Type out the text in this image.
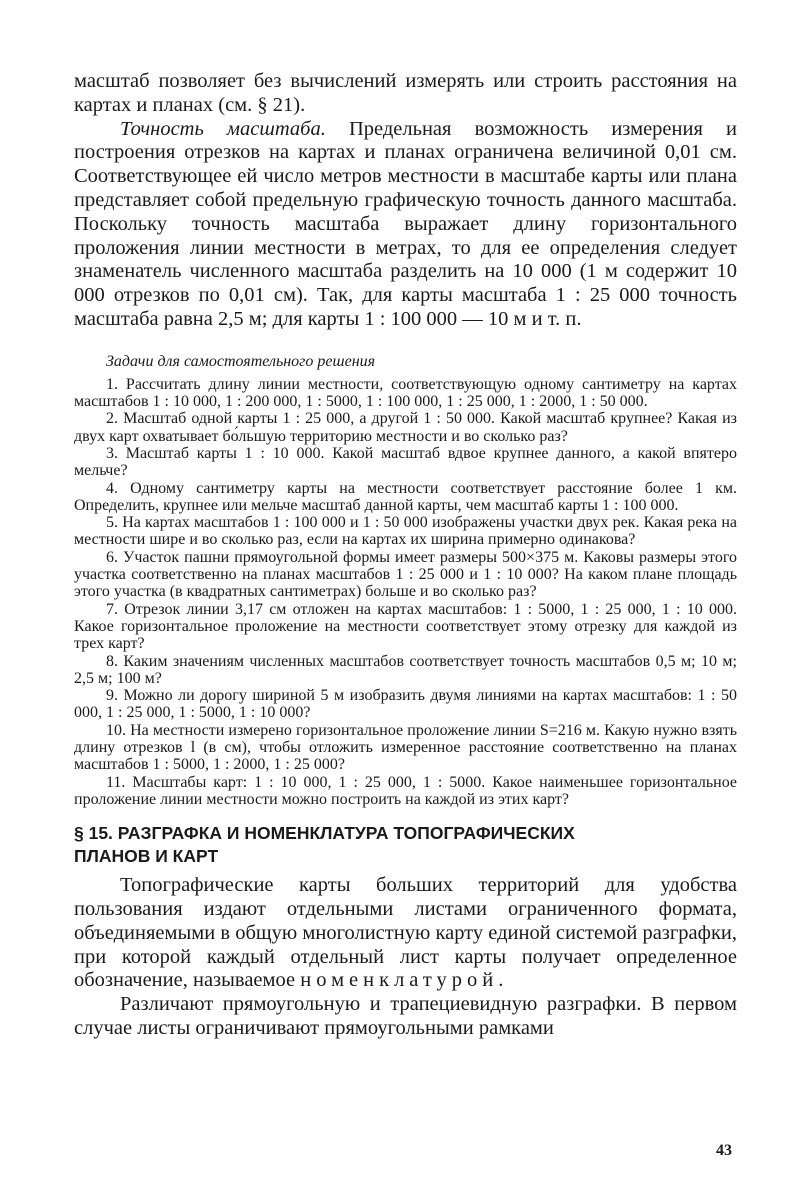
масштаб позволяет без вычислений измерять или строить расстояния на картах и планах (см. § 21).

Точность масштаба. Предельная возможность измерения и построения отрезков на картах и планах ограничена величиной 0,01 см. Соответствующее ей число метров местности в масштабе карты или плана представляет собой предельную графическую точность данного масштаба. Поскольку точность масштаба выражает длину горизонтального проложения линии местности в метрах, то для ее определения следует знаменатель численного масштаба разделить на 10 000 (1 м содержит 10 000 отрезков по 0,01 см). Так, для карты масштаба 1 : 25 000 точность масштаба равна 2,5 м; для карты 1 : 100 000 — 10 м и т. п.

Задачи для самостоятельного решения

1. Рассчитать длину линии местности, соответствующую одному сантиметру на картах масштабов 1 : 10 000, 1 : 200 000, 1 : 5000, 1 : 100 000, 1 : 25 000, 1 : 2000, 1 : 50 000.

2. Масштаб одной карты 1 : 25 000, а другой 1 : 50 000. Какой масштаб крупнее? Какая из двух карт охватывает бо́льшую территорию местности и во сколько раз?

3. Масштаб карты 1 : 10 000. Какой масштаб вдвое крупнее данного, а какой впятеро мельче?

4. Одному сантиметру карты на местности соответствует расстояние более 1 км. Определить, крупнее или мельче масштаб данной карты, чем масштаб карты 1 : 100 000.

5. На картах масштабов 1 : 100 000 и 1 : 50 000 изображены участки двух рек. Какая река на местности шире и во сколько раз, если на картах их ширина примерно одинакова?

6. Участок пашни прямоугольной формы имеет размеры 500×375 м. Каковы размеры этого участка соответственно на планах масштабов 1 : 25 000 и 1 : 10 000? На каком плане площадь этого участка (в квадратных сантиметрах) больше и во сколько раз?

7. Отрезок линии 3,17 см отложен на картах масштабов: 1 : 5000, 1 : 25 000, 1 : 10 000. Какое горизонтальное проложение на местности соответствует этому отрезку для каждой из трех карт?

8. Каким значениям численных масштабов соответствует точность масштабов 0,5 м; 10 м; 2,5 м; 100 м?

9. Можно ли дорогу шириной 5 м изобразить двумя линиями на картах масштабов: 1 : 50 000, 1 : 25 000, 1 : 5000, 1 : 10 000?

10. На местности измерено горизонтальное проложение линии S=216 м. Какую нужно взять длину отрезков l (в см), чтобы отложить измеренное расстояние соответственно на планах масштабов 1 : 5000, 1 : 2000, 1 : 25 000?

11. Масштабы карт: 1 : 10 000, 1 : 25 000, 1 : 5000. Какое наименьшее горизонтальное проложение линии местности можно построить на каждой из этих карт?

§ 15. РАЗГРАФКА И НОМЕНКЛАТУРА ТОПОГРАФИЧЕСКИХ
ПЛАНОВ И КАРТ

Топографические карты больших территорий для удобства пользования издают отдельными листами ограниченного формата, объединяемыми в общую многолистную карту единой системой разграфки, при которой каждый отдельный лист карты получает определенное обозначение, называемое номенклатурой.

Различают прямоугольную и трапециевидную разграфки. В первом случае листы ограничивают прямоугольными рамками

43
